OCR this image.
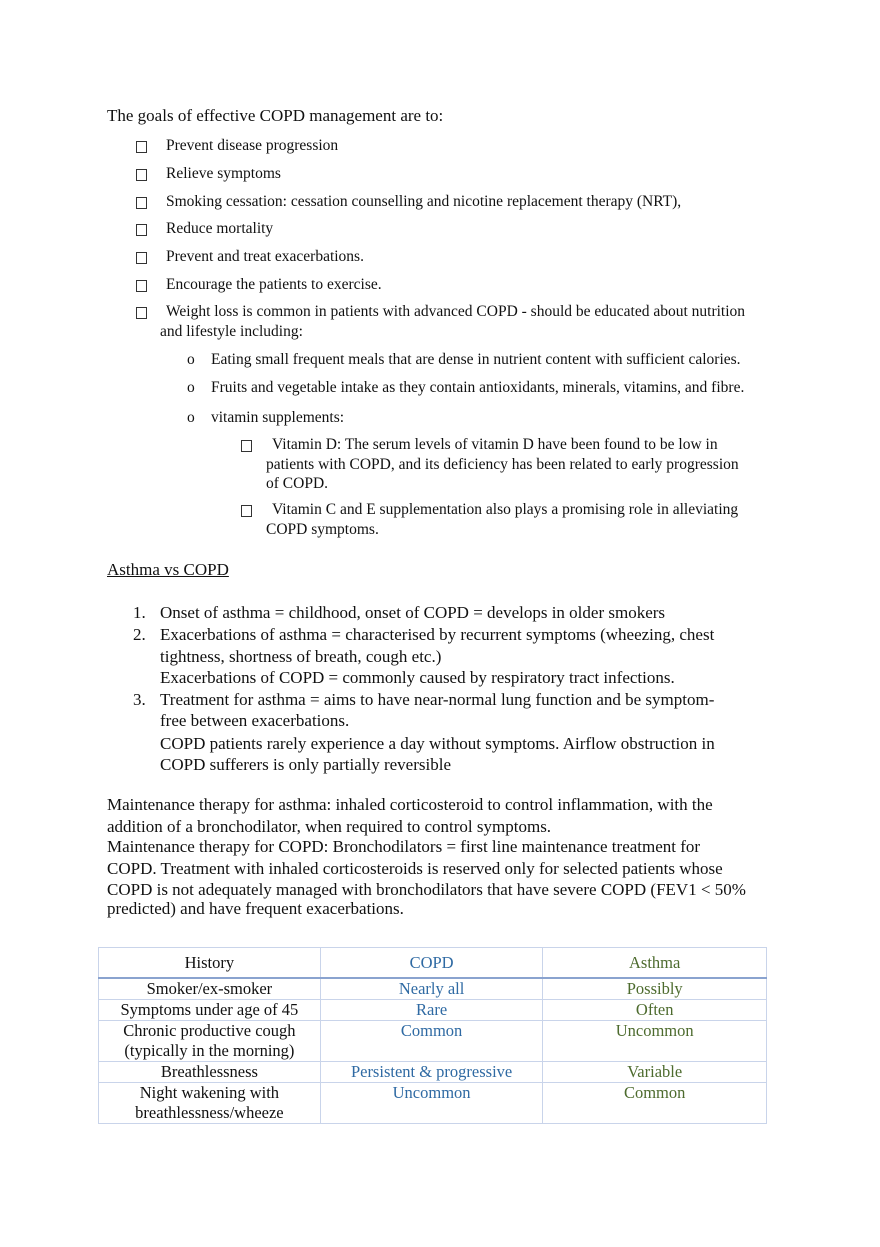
The goals of effective COPD management are to:
Prevent disease progression
Relieve symptoms
Smoking cessation: cessation counselling and nicotine replacement therapy (NRT),
Reduce mortality
Prevent and treat exacerbations.
Encourage the patients to exercise.
Weight loss is common in patients with advanced COPD - should be educated about nutrition
and lifestyle including:
o Eating small frequent meals that are dense in nutrient content with sufficient calories.
o Fruits and vegetable intake as they contain antioxidants, minerals, vitamins, and fibre.
o vitamin supplements:
Vitamin D: The serum levels of vitamin D have been found to be low in
patients with COPD, and its deficiency has been related to early progression
of COPD.
Vitamin C and E supplementation also plays a promising role in alleviating
COPD symptoms.
Asthma vs COPD
1. Onset of asthma = childhood, onset of COPD = develops in older smokers
2. Exacerbations of asthma = characterised by recurrent symptoms (wheezing, chest
tightness, shortness of breath, cough etc.)
Exacerbations of COPD = commonly caused by respiratory tract infections.
3. Treatment for asthma = aims to have near-normal lung function and be symptom-
free between exacerbations.
COPD patients rarely experience a day without symptoms. Airflow obstruction in
COPD sufferers is only partially reversible
Maintenance therapy for asthma: inhaled corticosteroid to control inflammation, with the
addition of a bronchodilator, when required to control symptoms.
Maintenance therapy for COPD: Bronchodilators = first line maintenance treatment for
COPD. Treatment with inhaled corticosteroids is reserved only for selected patients whose
COPD is not adequately managed with bronchodilators that have severe COPD (FEV1 < 50%
predicted) and have frequent exacerbations.
History	COPD	Asthma
Smoker/ex-smoker	Nearly all	Possibly
Symptoms under age of 45	Rare	Often
Chronic productive cough
(typically in the morning)	Common	Uncommon
Breathlessness	Persistent & progressive	Variable
Night wakening with
breathlessness/wheeze	Uncommon	Common
